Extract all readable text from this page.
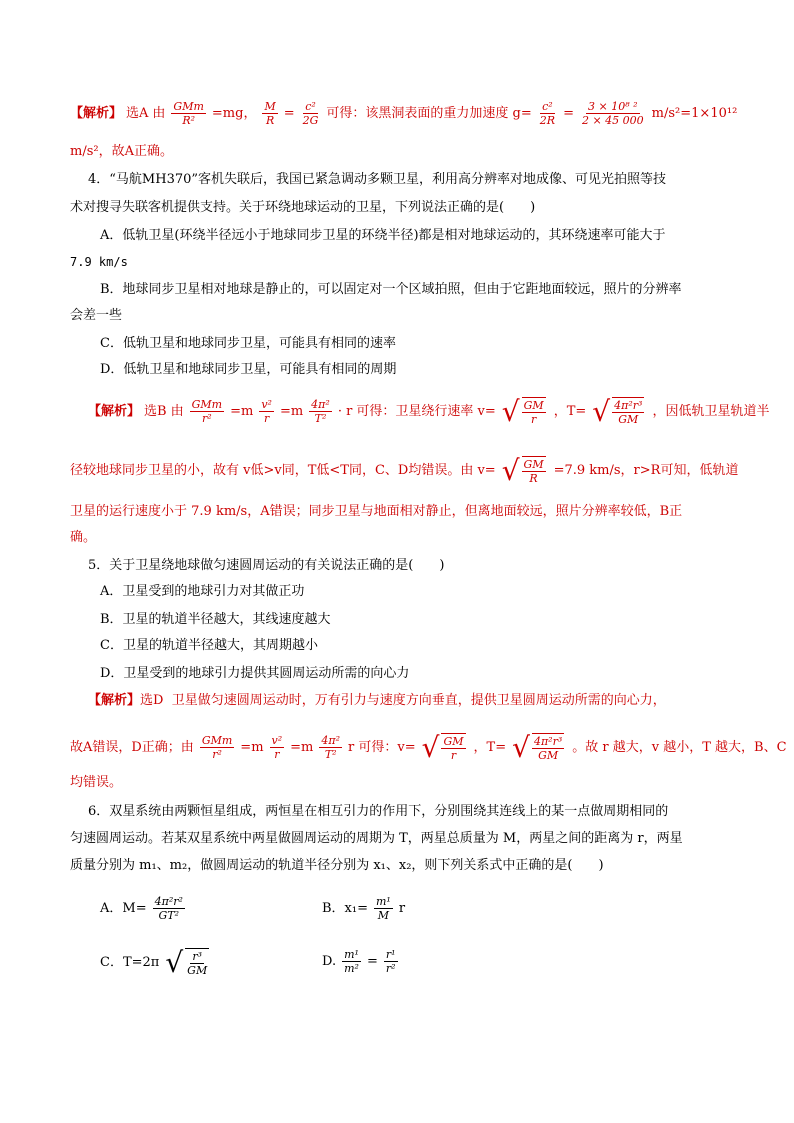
【解析】 选A 由 $\frac{\text{GMm}}{\text{R²}} =mg$， $\frac{M}{R} = \frac{\text{c²}}{2G}$ 可得：该黑洞表面的重力加速度 $g= \frac{\text{c²}}{2R} = \frac{\text{3 × 10⁸ ²}}{2 \times 45 000} m/s^2=1\times 10^{12}$
m/s²，故A正确。
4．“马航MH370”客机失联后，我国已紧急调动多颗卫星，利用高分辨率对地成像、可见光拍照等技
术对搜寻失联客机提供支持。关于环绕地球运动的卫星，下列说法正确的是(　　)
A．低轨卫星(环绕半径远小于地球同步卫星的环绕半径)都是相对地球运动的，其环绕速率可能大于
7.9 km/s
B．地球同步卫星相对地球是静止的，可以固定对一个区域拍照，但由于它距地面较远，照片的分辨率
会差一些
C．低轨卫星和地球同步卫星，可能具有相同的速率
D．低轨卫星和地球同步卫星，可能具有相同的周期
【解析】 选B 由 $\frac{\text{GMm}}{\text{r²}} =m \frac{\text{v²}}{r} =m \frac{\text{4π²}}{\text{T²}} \cdot r$ 可得：卫星绕行速率 v= √ $\frac{GM}{r}$ ，T= √ $\frac{\text{4π²r³}}{GM}$ ，因低轨卫星轨道半
径较地球同步卫星的小，故有 v低>v同，T低<T同，C、D均错误。由 v= √ $\frac{GM}{R} =7.9$ km/s，r>R可知，低轨道
卫星的运行速度小于 7.9 km/s，A错误；同步卫星与地面相对静止，但离地面较远，照片分辨率较低，B正
确。
5．关于卫星绕地球做匀速圆周运动的有关说法正确的是(　　)
A．卫星受到的地球引力对其做正功
B．卫星的轨道半径越大，其线速度越大
C．卫星的轨道半径越大，其周期越小
D．卫星受到的地球引力提供其圆周运动所需的向心力
【解析】选D 卫星做匀速圆周运动时，万有引力与速度方向垂直，提供卫星圆周运动所需的向心力，
故A错误，D正确；由 $\frac{\text{GMm}}{\text{r²}} =m \frac{\text{v²}}{r} =m \frac{\text{4π²}}{\text{T²}}$ r 可得：v= √ $\frac{GM}{r}$ ，T= √ $\frac{\text{4π²r³}}{GM}$ 。故 r 越大，v 越小，T 越大，B、C
均错误。
6．双星系统由两颗恒星组成，两恒星在相互引力的作用下，分别围绕其连线上的某一点做周期相同的
匀速圆周运动。若某双星系统中两星做圆周运动的周期为 T，两星总质量为 M，两星之间的距离为 r，两星
质量分别为 m₁、m₂，做圆周运动的轨道半径分别为 x₁、x₂，则下列关系式中正确的是(　　)
A．$M= \frac{\text{4π²r²}}{\text{GT²}}$	B．$x_1= \frac{\text{m¹}}{M}$ r
C．T=2π √ $\frac{\text{r³}}{GM}$	D. $\frac{\text{m¹}}{\text{m²}} = \frac{\text{r¹}}{\text{r²}}$
